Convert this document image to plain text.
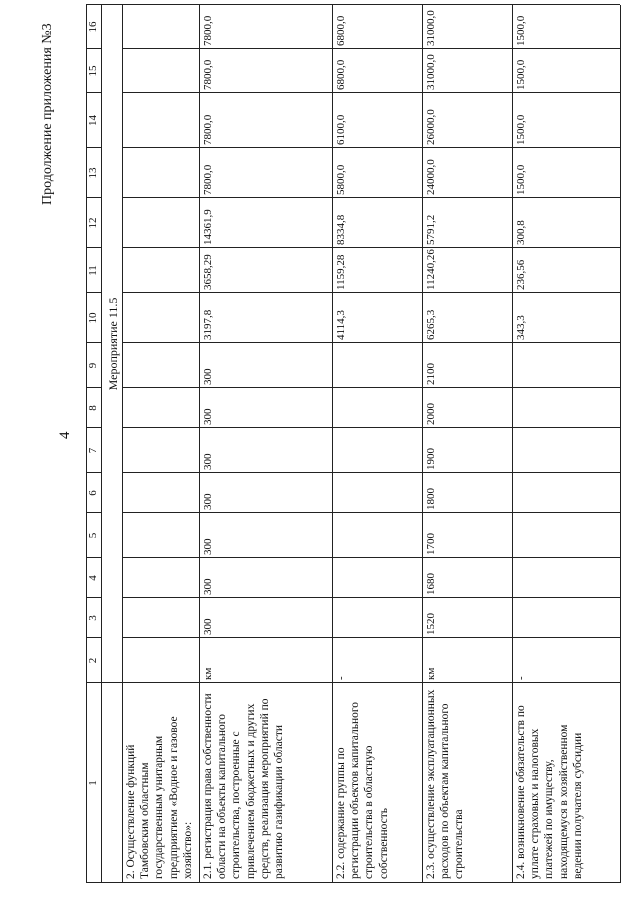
4
Продолжение приложения №3
1
2
3
4
5
6
7
8
9
10
11
12
13
14
15
16
Мероприятие 11.5
2. Осуществление функций Тамбовским областным государственным унитарным предприятием «Водное и газовое хозяйство»: 2.1. регистрация права собственности области на объекты капитального строительства, построенные с привлечением бюджетных и других средств, реализация мероприятий по развитию газификации области
км
300
300
300
300
300
300
300
3197,8
3658,29
14361,9
7800,0
7800,0
7800,0
7800,0
2.2. содержание группы по регистрации объектов капитального строительства в областную собственность
-
4114,3
1159,28
8334,8
5800,0
6100,0
6800,0
6800,0
2.3. осуществление эксплуатационных расходов по объектам капитального строительства
км
1520
1680
1700
1800
1900
2000
2100
6265,3
11240,26
5791,2
24000,0
26000,0
31000,0
31000,0
2.4. возникновение обязательств по уплате страховых и налоговых платежей по имуществу, находящемуся в хозяйственном ведении получателя субсидии
-
343,3
236,56
300,8
1500,0
1500,0
1500,0
1500,0
